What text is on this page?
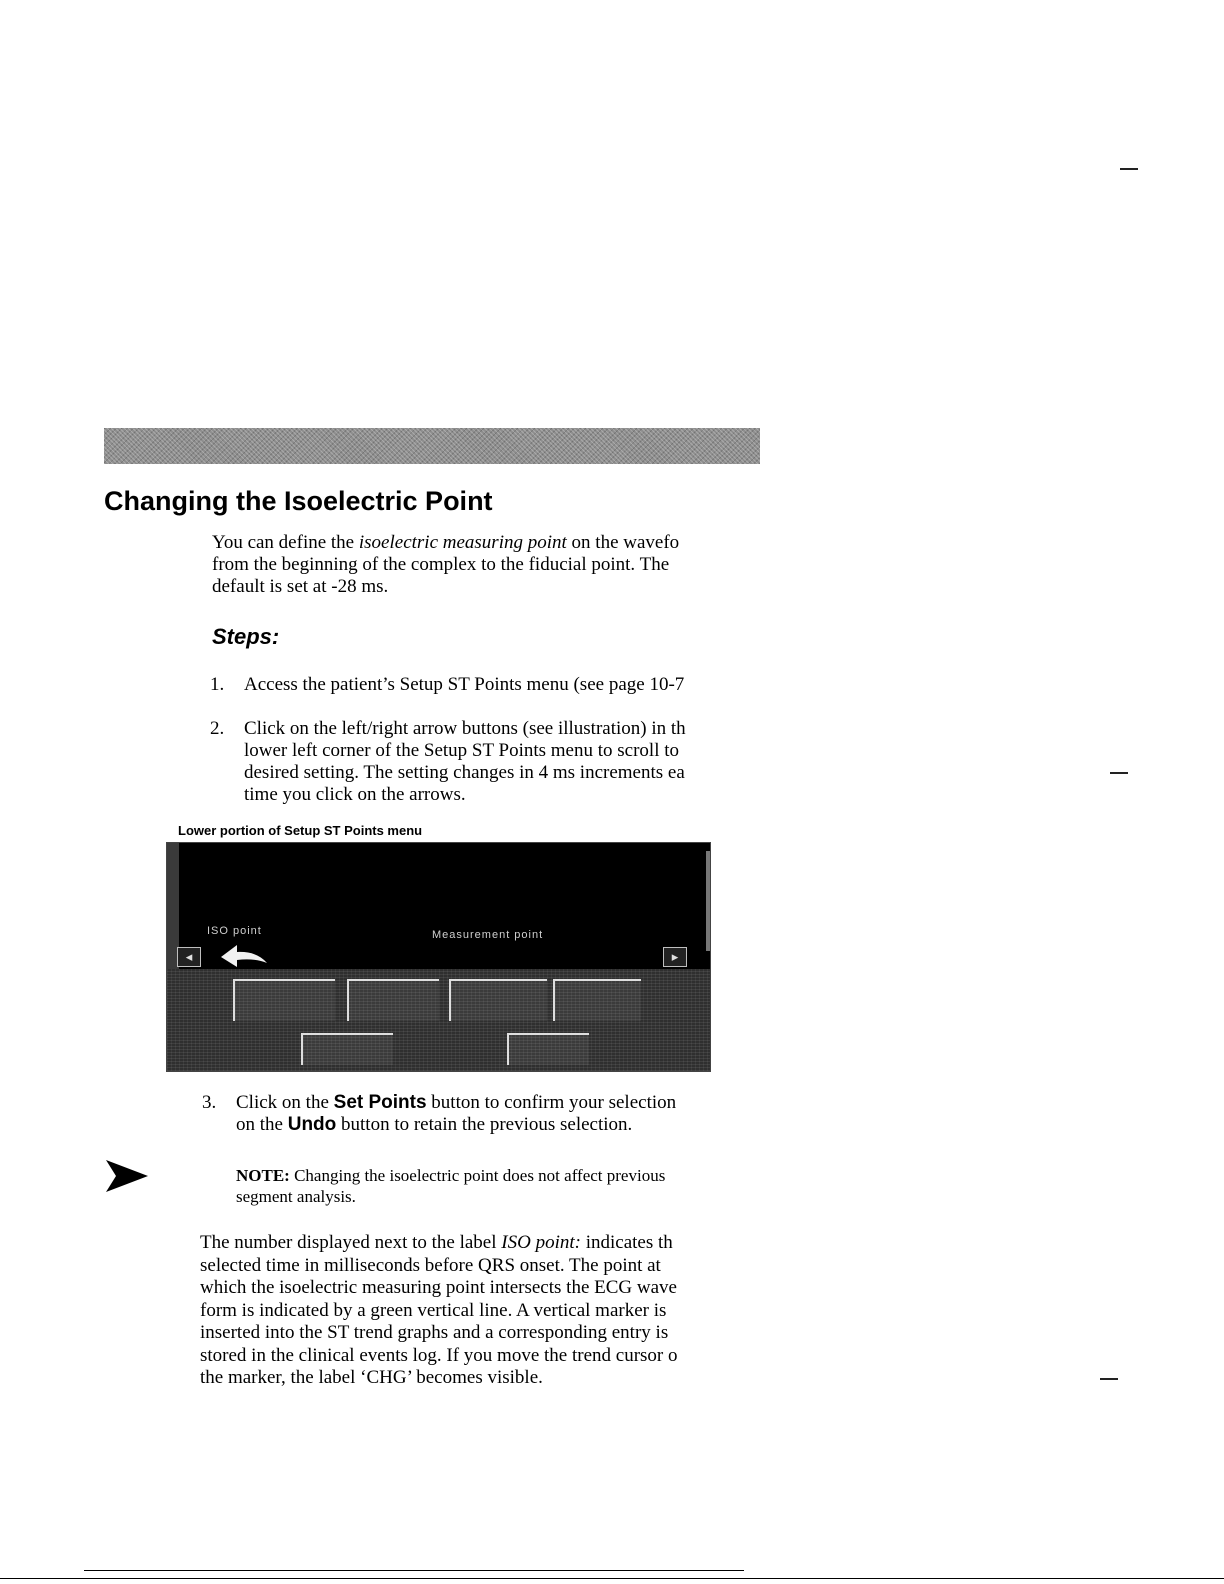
Changing the Isoelectric Point
You can define the isoelectric measuring point on the wavefo
from the beginning of the complex to the fiducial point. The
default is set at -28 ms.
Steps:
1. Access the patient’s Setup ST Points menu (see page 10-7
2. Click on the left/right arrow buttons (see illustration) in th
lower left corner of the Setup ST Points menu to scroll to
desired setting. The setting changes in 4 ms increments ea
time you click on the arrows.
Lower portion of Setup ST Points menu
ISO point	Measurement point
◂	▸
3. Click on the Set Points button to confirm your selection
on the Undo button to retain the previous selection.
NOTE: Changing the isoelectric point does not affect previous
segment analysis.
The number displayed next to the label ISO point: indicates th
selected time in milliseconds before QRS onset. The point at
which the isoelectric measuring point intersects the ECG wave
form is indicated by a green vertical line. A vertical marker is
inserted into the ST trend graphs and a corresponding entry is
stored in the clinical events log. If you move the trend cursor o
the marker, the label ‘CHG’ becomes visible.
